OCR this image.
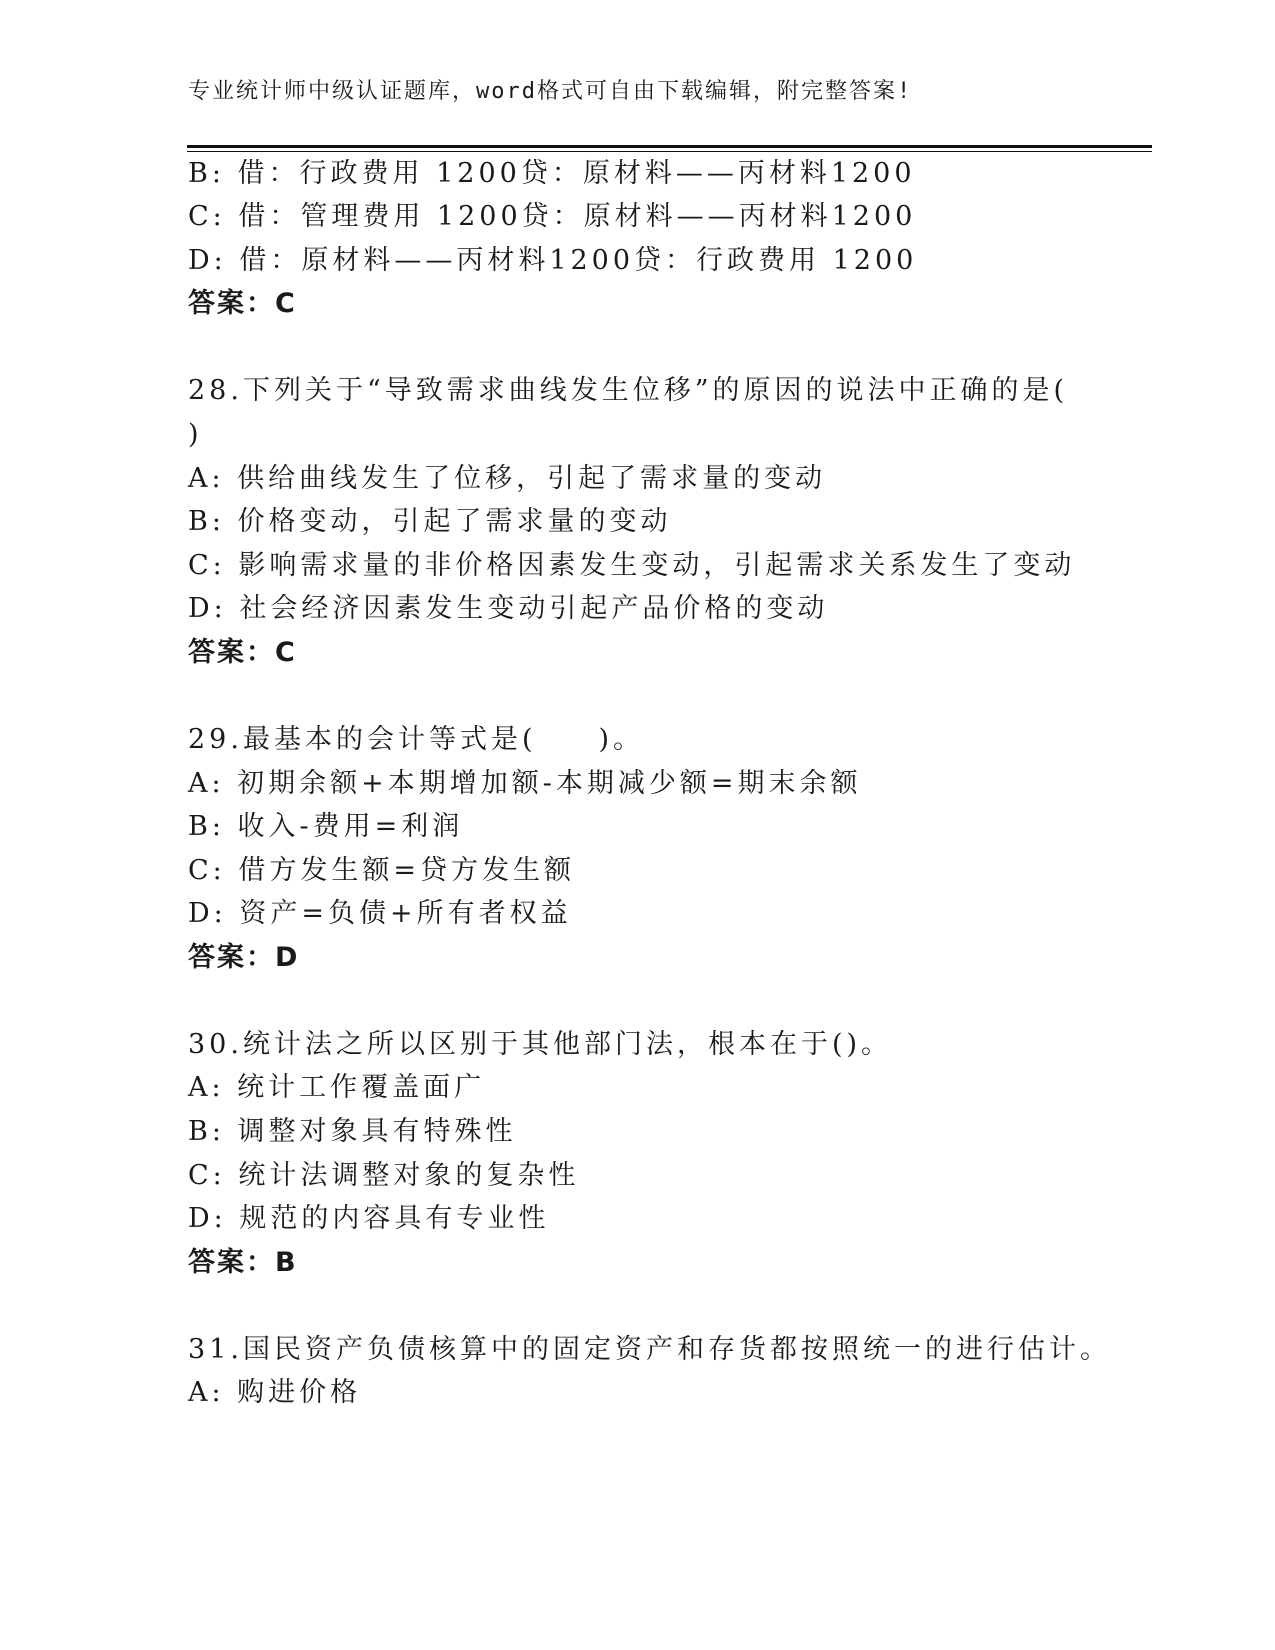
专业统计师中级认证题库，word格式可自由下载编辑，附完整答案!
B: 借：行政费用 1200贷：原材料——丙材料1200
C: 借：管理费用 1200贷：原材料——丙材料1200
D: 借：原材料——丙材料1200贷：行政费用 1200
答案：C
28.下列关于“导致需求曲线发生位移”的原因的说法中正确的是(
)
A: 供给曲线发生了位移，引起了需求量的变动
B: 价格变动，引起了需求量的变动
C: 影响需求量的非价格因素发生变动，引起需求关系发生了变动
D: 社会经济因素发生变动引起产品价格的变动
答案：C
29.最基本的会计等式是(　　)。
A: 初期余额+本期增加额-本期减少额=期末余额
B: 收入-费用=利润
C: 借方发生额=贷方发生额
D: 资产=负债+所有者权益
答案：D
30.统计法之所以区别于其他部门法，根本在于()。
A: 统计工作覆盖面广
B: 调整对象具有特殊性
C: 统计法调整对象的复杂性
D: 规范的内容具有专业性
答案：B
31.国民资产负债核算中的固定资产和存货都按照统一的进行估计。
A: 购进价格
